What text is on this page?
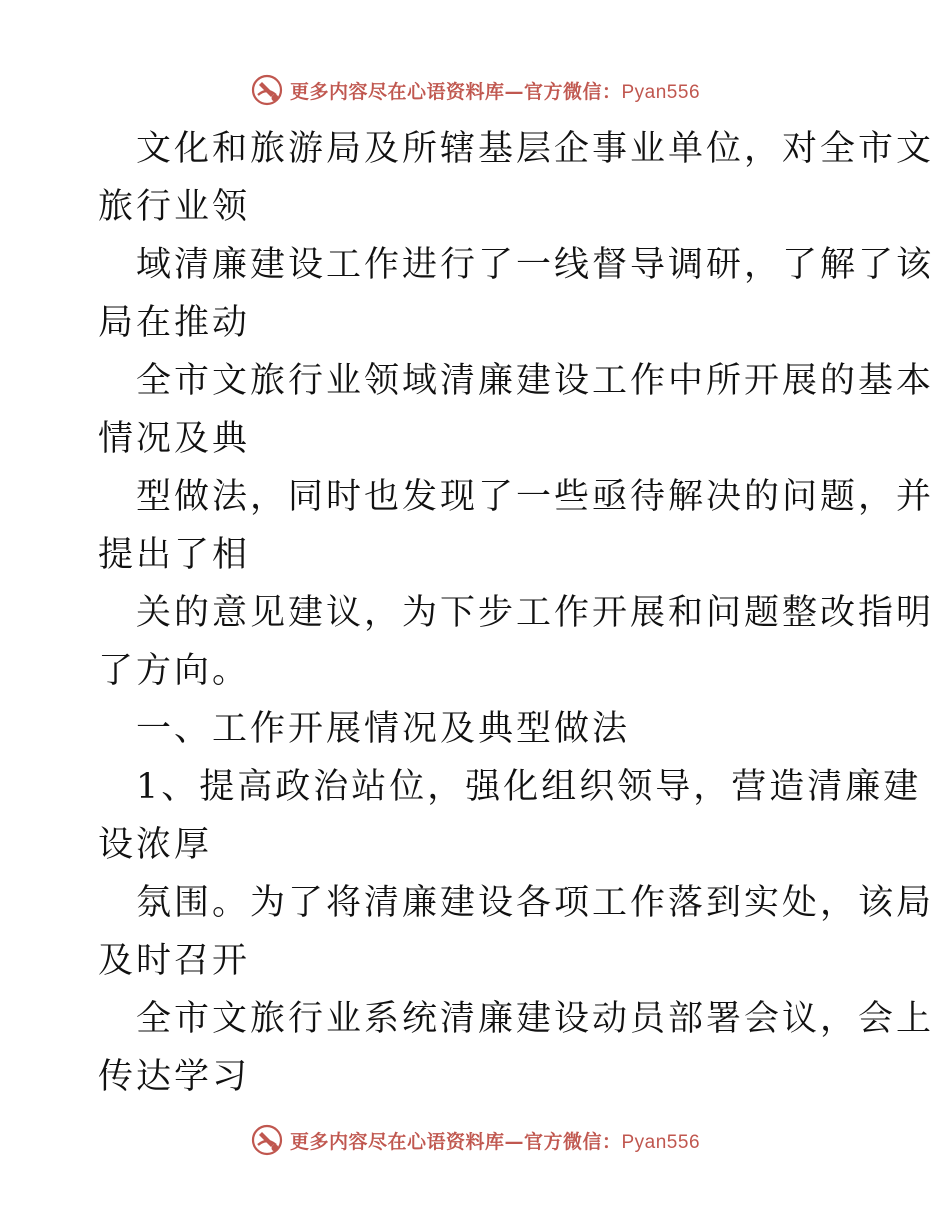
更多内容尽在心语资料库—官方微信：Pyan556

文化和旅游局及所辖基层企事业单位，对全市文
旅行业领

域清廉建设工作进行了一线督导调研，了解了该
局在推动

全市文旅行业领域清廉建设工作中所开展的基本
情况及典

型做法，同时也发现了一些亟待解决的问题，并
提出了相

关的意见建议，为下步工作开展和问题整改指明
了方向。

一、工作开展情况及典型做法

1、提高政治站位，强化组织领导，营造清廉建
设浓厚

氛围。为了将清廉建设各项工作落到实处，该局
及时召开

全市文旅行业系统清廉建设动员部署会议，会上
传达学习

更多内容尽在心语资料库—官方微信：Pyan556
